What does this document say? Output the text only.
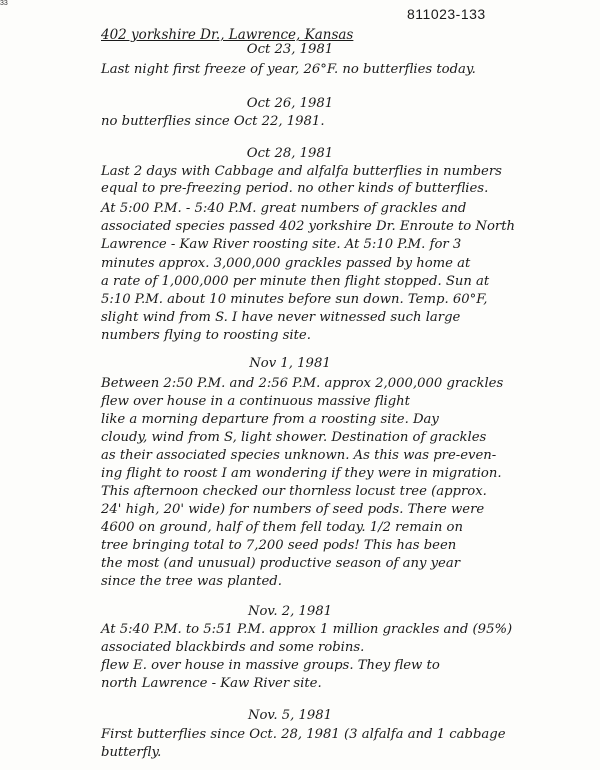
33
811023-133
402 yorkshire Dr., Lawrence, Kansas
Oct 23, 1981
Last night first freeze of year, 26°F. no butterflies today.
Oct 26, 1981
no butterflies since Oct 22, 1981.
Oct 28, 1981
Last 2 days with Cabbage and alfalfa butterflies in numbers
equal to pre-freezing period. no other kinds of butterflies.
At 5:00 P.M. - 5:40 P.M. great numbers of grackles and
associated species passed 402 yorkshire Dr. Enroute to North
Lawrence - Kaw River roosting site. At 5:10 P.M. for 3
minutes approx. 3,000,000 grackles passed by home at
a rate of 1,000,000 per minute then flight stopped. Sun at
5:10 P.M. about 10 minutes before sun down. Temp. 60°F,
slight wind from S. I have never witnessed such large
numbers flying to roosting site.
Nov 1, 1981
Between 2:50 P.M. and 2:56 P.M. approx 2,000,000 grackles
flew over house in a continuous massive flight
like a morning departure from a roosting site. Day
cloudy, wind from S, light shower. Destination of grackles
as their associated species unknown. As this was pre-even-
ing flight to roost I am wondering if they were in migration.
This afternoon checked our thornless locust tree (approx.
24' high, 20' wide) for numbers of seed pods. There were
4600 on ground, half of them fell today. 1/2 remain on
tree bringing total to 7,200 seed pods! This has been
the most (and unusual) productive season of any year
since the tree was planted.
Nov. 2, 1981
At 5:40 P.M. to 5:51 P.M. approx 1 million grackles and (95%)
associated blackbirds and some robins.
flew E. over house in massive groups. They flew to
north Lawrence - Kaw River site.
Nov. 5, 1981
First butterflies since Oct. 28, 1981 (3 alfalfa and 1 cabbage
butterfly.
